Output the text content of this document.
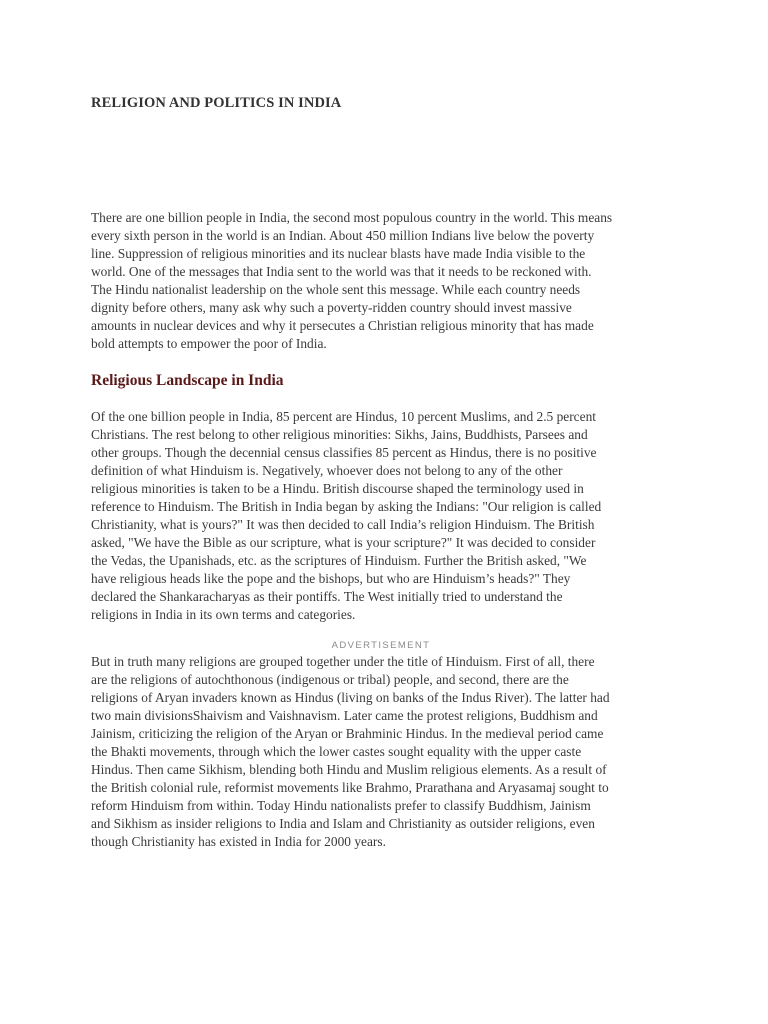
RELIGION AND POLITICS IN INDIA
There are one billion people in India, the second most populous country in the world. This means
every sixth person in the world is an Indian. About 450 million Indians live below the poverty
line. Suppression of religious minorities and its nuclear blasts have made India visible to the
world. One of the messages that India sent to the world was that it needs to be reckoned with.
The Hindu nationalist leadership on the whole sent this message. While each country needs
dignity before others, many ask why such a poverty-ridden country should invest massive
amounts in nuclear devices and why it persecutes a Christian religious minority that has made
bold attempts to empower the poor of India.
Religious Landscape in India
Of the one billion people in India, 85 percent are Hindus, 10 percent Muslims, and 2.5 percent
Christians. The rest belong to other religious minorities: Sikhs, Jains, Buddhists, Parsees and
other groups. Though the decennial census classifies 85 percent as Hindus, there is no positive
definition of what Hinduism is. Negatively, whoever does not belong to any of the other
religious minorities is taken to be a Hindu. British discourse shaped the terminology used in
reference to Hinduism. The British in India began by asking the Indians: "Our religion is called
Christianity, what is yours?" It was then decided to call India’s religion Hinduism. The British
asked, "We have the Bible as our scripture, what is your scripture?" It was decided to consider
the Vedas, the Upanishads, etc. as the scriptures of Hinduism. Further the British asked, "We
have religious heads like the pope and the bishops, but who are Hinduism’s heads?" They
declared the Shankaracharyas as their pontiffs. The West initially tried to understand the
religions in India in its own terms and categories.
ADVERTISEMENT
But in truth many religions are grouped together under the title of Hinduism. First of all, there
are the religions of autochthonous (indigenous or tribal) people, and second, there are the
religions of Aryan invaders known as Hindus (living on banks of the Indus River). The latter had
two main divisionsShaivism and Vaishnavism. Later came the protest religions, Buddhism and
Jainism, criticizing the religion of the Aryan or Brahminic Hindus. In the medieval period came
the Bhakti movements, through which the lower castes sought equality with the upper caste
Hindus. Then came Sikhism, blending both Hindu and Muslim religious elements. As a result of
the British colonial rule, reformist movements like Brahmo, Prarathana and Aryasamaj sought to
reform Hinduism from within. Today Hindu nationalists prefer to classify Buddhism, Jainism
and Sikhism as insider religions to India and Islam and Christianity as outsider religions, even
though Christianity has existed in India for 2000 years.
